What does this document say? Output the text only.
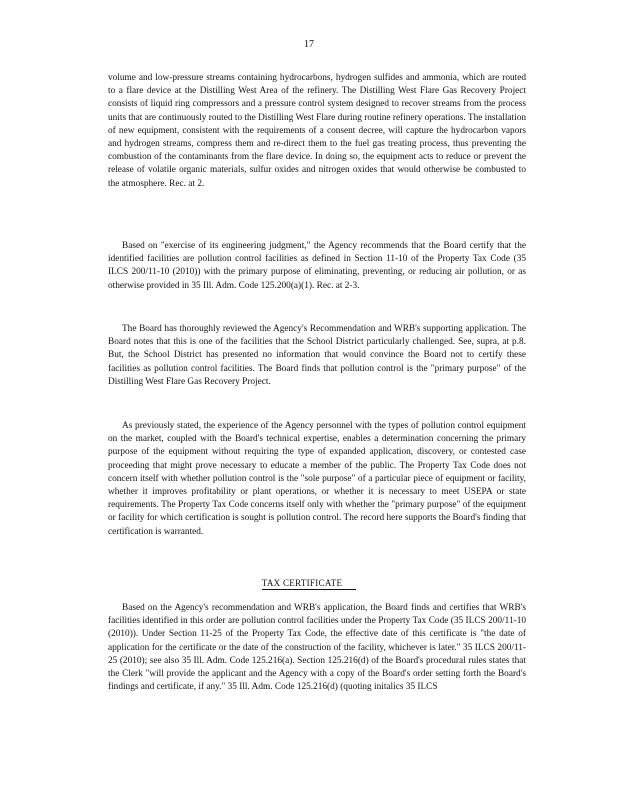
17

volume and low-pressure streams containing hydrocarbons, hydrogen sulfides and ammonia, which are routed to a flare device at the Distilling West Area of the refinery. The Distilling West Flare Gas Recovery Project consists of liquid ring compressors and a pressure control system designed to recover streams from the process units that are continuously routed to the Distilling West Flare during routine refinery operations. The installation of new equipment, consistent with the requirements of a consent decree, will capture the hydrocarbon vapors and hydrogen streams, compress them and re-direct them to the fuel gas treating process, thus preventing the combustion of the contaminants from the flare device. In doing so, the equipment acts to reduce or prevent the release of volatile organic materials, sulfur oxides and nitrogen oxides that would otherwise be combusted to the atmosphere. Rec. at 2.

Based on "exercise of its engineering judgment," the Agency recommends that the Board certify that the identified facilities are pollution control facilities as defined in Section 11-10 of the Property Tax Code (35 ILCS 200/11-10 (2010)) with the primary purpose of eliminating, preventing, or reducing air pollution, or as otherwise provided in 35 Ill. Adm. Code 125.200(a)(1). Rec. at 2-3.

The Board has thoroughly reviewed the Agency's Recommendation and WRB's supporting application. The Board notes that this is one of the facilities that the School District particularly challenged. See, supra, at p.8. But, the School District has presented no information that would convince the Board not to certify these facilities as pollution control facilities. The Board finds that pollution control is the "primary purpose" of the Distilling West Flare Gas Recovery Project.

As previously stated, the experience of the Agency personnel with the types of pollution control equipment on the market, coupled with the Board's technical expertise, enables a determination concerning the primary purpose of the equipment without requiring the type of expanded application, discovery, or contested case proceeding that might prove necessary to educate a member of the public. The Property Tax Code does not concern itself with whether pollution control is the "sole purpose" of a particular piece of equipment or facility, whether it improves profitability or plant operations, or whether it is necessary to meet USEPA or state requirements. The Property Tax Code concerns itself only with whether the "primary purpose" of the equipment or facility for which certification is sought is pollution control. The record here supports the Board's finding that certification is warranted.

TAX CERTIFICATE

Based on the Agency's recommendation and WRB's application, the Board finds and certifies that WRB's facilities identified in this order are pollution control facilities under the Property Tax Code (35 ILCS 200/11-10 (2010)). Under Section 11-25 of the Property Tax Code, the effective date of this certificate is "the date of application for the certificate or the date of the construction of the facility, whichever is later." 35 ILCS 200/11-25 (2010); see also 35 Ill. Adm. Code 125.216(a). Section 125.216(d) of the Board's procedural rules states that the Clerk "will provide the applicant and the Agency with a copy of the Board's order setting forth the Board's findings and certificate, if any." 35 Ill. Adm. Code 125.216(d) (quoting initalics 35 ILCS
